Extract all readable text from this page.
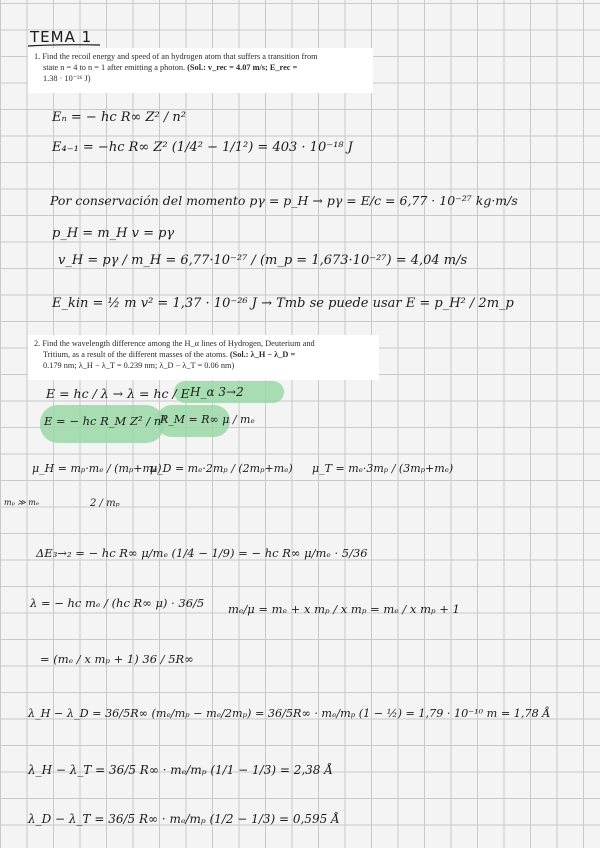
TEMA 1
1. Find the recoil energy and speed of an hydrogen atom that suffers a transition from
state n = 4 to n = 1 after emitting a photon. (Sol.: v_rec = 4.07 m/s; E_rec =
1.38 · 10⁻²⁶ J)
Eₙ = − hc R∞ Z² / n²
E₄₋₁ = −hc R∞ Z² (1/4² − 1/1²) = 403 · 10⁻¹⁸ J
Por conservación del momento pγ = p_H → pγ = E/c = 6,77 · 10⁻²⁷ kg·m/s
p_H = m_H v = pγ
v_H = pγ / m_H = 6,77·10⁻²⁷ / (m_p = 1,673·10⁻²⁷) = 4,04 m/s
E_kin = ½ m v² = 1,37 · 10⁻²⁶ J → Tmb se puede usar E = p_H² / 2m_p
2. Find the wavelength difference among the H_α lines of Hydrogen, Deuterium and
Tritium, as a result of the different masses of the atoms. (Sol.: λ_H − λ_D =
0.179 nm; λ_H − λ_T = 0.239 nm; λ_D − λ_T = 0.06 nm)
E = hc / λ → λ = hc / E H_α 3→2
E = − hc R_M Z² / n²
R_M = R∞ μ / mₑ
μ_H = mₚ·mₑ / (mₚ+mₑ)
μ_D = mₑ·2mₚ / (2mₚ+mₑ) μ_T = mₑ·3mₚ / (3mₚ+mₑ)
mₚ ≫ mₑ	2 / mₚ
ΔE₃→₂ = − hc R∞ μ/mₑ (1/4 − 1/9) = − hc R∞ μ/mₑ · 5/36
λ = − hc mₑ / (hc R∞ μ) · 36/5 mₑ/μ = mₑ + x mₚ / x mₚ = mₑ / x mₚ + 1
= (mₑ / x mₚ + 1) 36 / 5R∞
λ_H − λ_D = 36/5R∞ (mₑ/mₚ − mₑ/2mₚ) = 36/5R∞ · mₑ/mₚ (1 − ½) = 1,79 · 10⁻¹⁰ m = 1,78 Å
λ_H − λ_T = 36/5 R∞ · mₑ/mₚ (1/1 − 1/3) = 2,38 Å
λ_D − λ_T = 36/5 R∞ · mₑ/mₚ (1/2 − 1/3) = 0,595 Å
